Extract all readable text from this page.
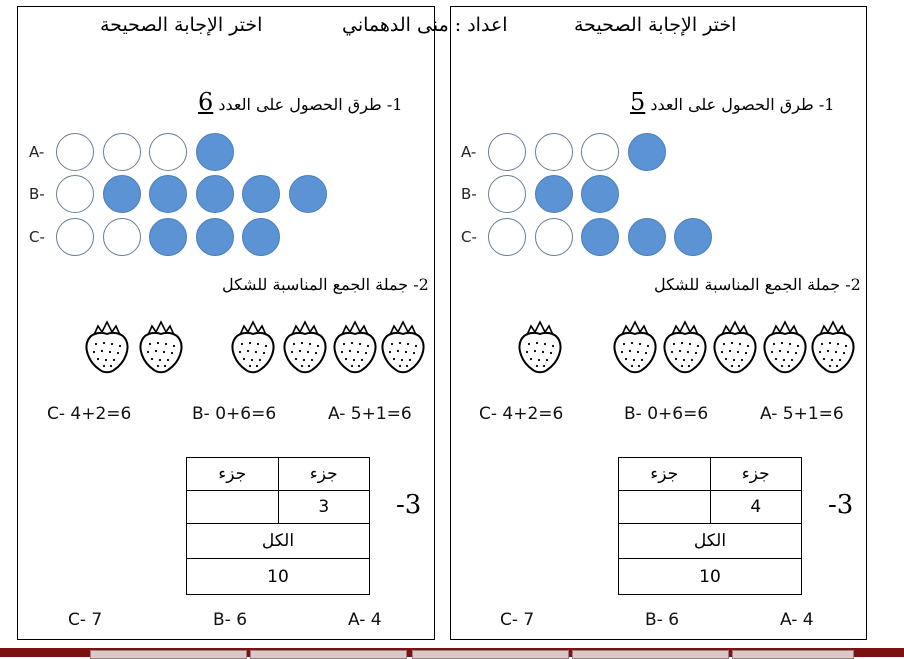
اختر الإجابة الصحيحة	اعداد : منى الدهماني	اختر الإجابة الصحيحة
1- طرق الحصول على العدد 6
A-
B-
C-
2- جملة الجمع المناسبة للشكل
C- 4+2=6	B- 0+6=6	A- 5+1=6
جزء	جزء
	3
الكل	
10	
-3
C- 7	B- 6	A- 4
1- طرق الحصول على العدد 5
A-
B-
C-
2- جملة الجمع المناسبة للشكل
C- 4+2=6	B- 0+6=6	A- 5+1=6
جزء	جزء
	4
الكل	
10	
-3
C- 7	B- 6	A- 4
